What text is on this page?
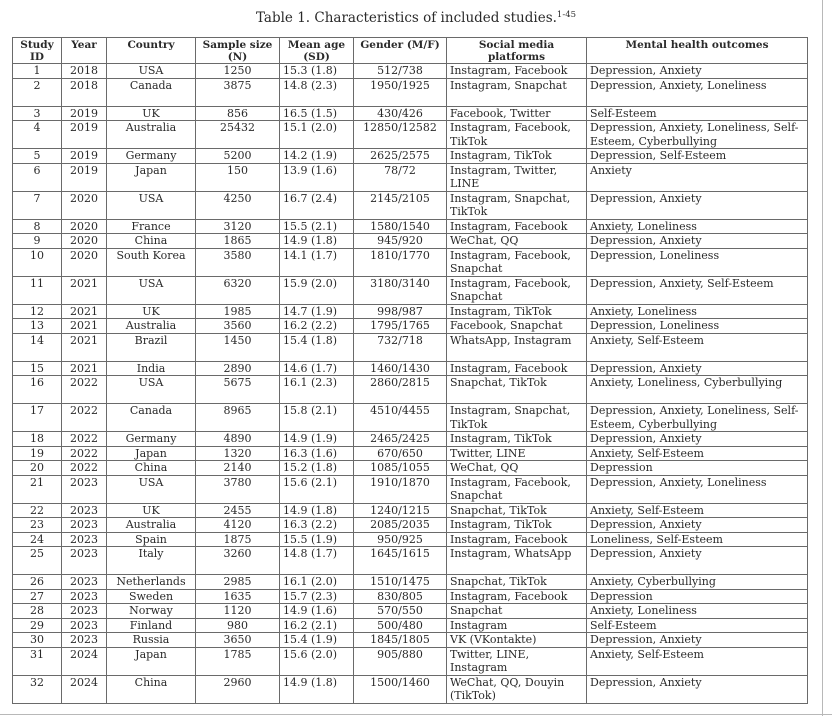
Table 1. Characteristics of included studies.$^{1-45}$
Study ID	Year	Country	Sample size (N)	Mean age (SD)	Gender (M/F)	Social media platforms	Mental health outcomes
1	2018	USA	1250	15.3 (1.8)	512/738	Instagram, Facebook	Depression, Anxiety
2	2018	Canada	3875	14.8 (2.3)	1950/1925	Instagram, Snapchat	Depression, Anxiety, Loneliness
3	2019	UK	856	16.5 (1.5)	430/426	Facebook, Twitter	Self-Esteem
4	2019	Australia	25432	15.1 (2.0)	12850/12582	Instagram, Facebook, TikTok	Depression, Anxiety, Loneliness, Self-Esteem, Cyberbullying
5	2019	Germany	5200	14.2 (1.9)	2625/2575	Instagram, TikTok	Depression, Self-Esteem
6	2019	Japan	150	13.9 (1.6)	78/72	Instagram, Twitter, LINE	Anxiety
7	2020	USA	4250	16.7 (2.4)	2145/2105	Instagram, Snapchat, TikTok	Depression, Anxiety
8	2020	France	3120	15.5 (2.1)	1580/1540	Instagram, Facebook	Anxiety, Loneliness
9	2020	China	1865	14.9 (1.8)	945/920	WeChat, QQ	Depression, Anxiety
10	2020	South Korea	3580	14.1 (1.7)	1810/1770	Instagram, Facebook, Snapchat	Depression, Loneliness
11	2021	USA	6320	15.9 (2.0)	3180/3140	Instagram, Facebook, Snapchat	Depression, Anxiety, Self-Esteem
12	2021	UK	1985	14.7 (1.9)	998/987	Instagram, TikTok	Anxiety, Loneliness
13	2021	Australia	3560	16.2 (2.2)	1795/1765	Facebook, Snapchat	Depression, Loneliness
14	2021	Brazil	1450	15.4 (1.8)	732/718	WhatsApp, Instagram	Anxiety, Self-Esteem
15	2021	India	2890	14.6 (1.7)	1460/1430	Instagram, Facebook	Depression, Anxiety
16	2022	USA	5675	16.1 (2.3)	2860/2815	Snapchat, TikTok	Anxiety, Loneliness, Cyberbullying
17	2022	Canada	8965	15.8 (2.1)	4510/4455	Instagram, Snapchat, TikTok	Depression, Anxiety, Loneliness, Self-Esteem, Cyberbullying
18	2022	Germany	4890	14.9 (1.9)	2465/2425	Instagram, TikTok	Depression, Anxiety
19	2022	Japan	1320	16.3 (1.6)	670/650	Twitter, LINE	Anxiety, Self-Esteem
20	2022	China	2140	15.2 (1.8)	1085/1055	WeChat, QQ	Depression
21	2023	USA	3780	15.6 (2.1)	1910/1870	Instagram, Facebook, Snapchat	Depression, Anxiety, Loneliness
22	2023	UK	2455	14.9 (1.8)	1240/1215	Snapchat, TikTok	Anxiety, Self-Esteem
23	2023	Australia	4120	16.3 (2.2)	2085/2035	Instagram, TikTok	Depression, Anxiety
24	2023	Spain	1875	15.5 (1.9)	950/925	Instagram, Facebook	Loneliness, Self-Esteem
25	2023	Italy	3260	14.8 (1.7)	1645/1615	Instagram, WhatsApp	Depression, Anxiety
26	2023	Netherlands	2985	16.1 (2.0)	1510/1475	Snapchat, TikTok	Anxiety, Cyberbullying
27	2023	Sweden	1635	15.7 (2.3)	830/805	Instagram, Facebook	Depression
28	2023	Norway	1120	14.9 (1.6)	570/550	Snapchat	Anxiety, Loneliness
29	2023	Finland	980	16.2 (2.1)	500/480	Instagram	Self-Esteem
30	2023	Russia	3650	15.4 (1.9)	1845/1805	VK (VKontakte)	Depression, Anxiety
31	2024	Japan	1785	15.6 (2.0)	905/880	Twitter, LINE, Instagram	Anxiety, Self-Esteem
32	2024	China	2960	14.9 (1.8)	1500/1460	WeChat, QQ, Douyin (TikTok)	Depression, Anxiety
